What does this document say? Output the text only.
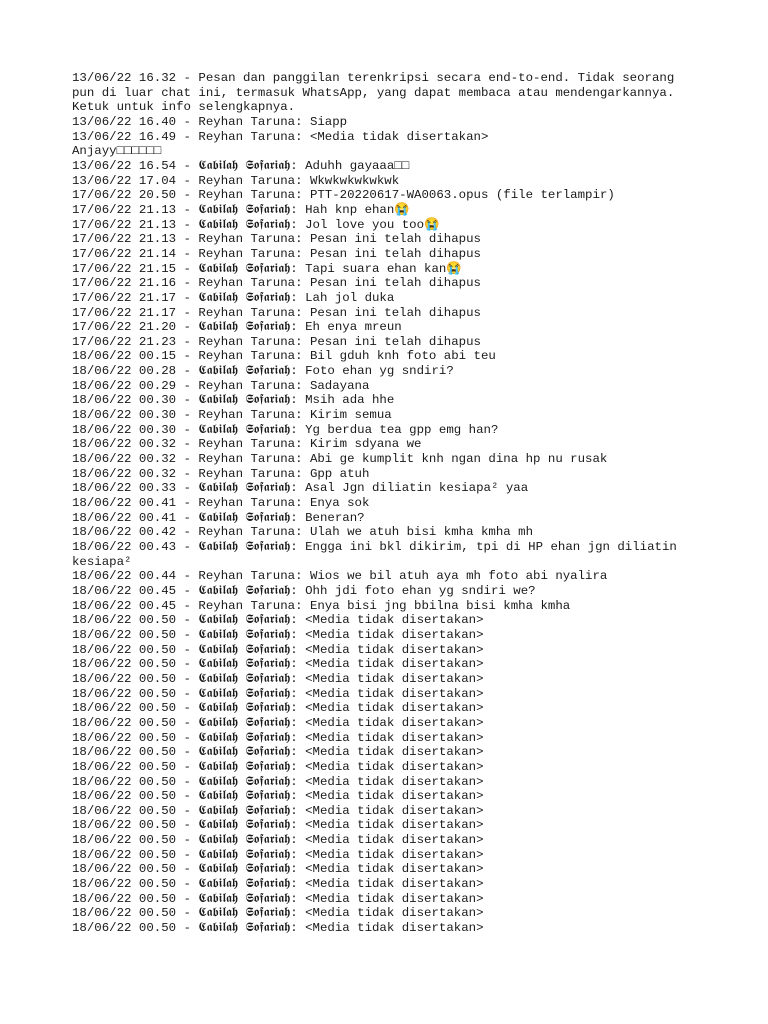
13/06/22 16.32 - Pesan dan panggilan terenkripsi secara end-to-end. Tidak seorang
pun di luar chat ini, termasuk WhatsApp, yang dapat membaca atau mendengarkannya.
Ketuk untuk info selengkapnya.
13/06/22 16.40 - Reyhan Taruna: Siapp
13/06/22 16.49 - Reyhan Taruna: <Media tidak disertakan>
Anjayy□□□□□□
13/06/22 16.54 - 𝕮𝖆𝖇𝖎𝖑𝖆𝖍 𝕾𝖔𝖋𝖆𝖗𝖎𝖆𝖍: Aduhh gayaaa□□
13/06/22 17.04 - Reyhan Taruna: Wkwkwkwkwkwk
17/06/22 20.50 - Reyhan Taruna: PTT-20220617-WA0063.opus (file terlampir)
17/06/22 21.13 - 𝕮𝖆𝖇𝖎𝖑𝖆𝖍 𝕾𝖔𝖋𝖆𝖗𝖎𝖆𝖍: Hah knp ehan😭
17/06/22 21.13 - 𝕮𝖆𝖇𝖎𝖑𝖆𝖍 𝕾𝖔𝖋𝖆𝖗𝖎𝖆𝖍: Jol love you too😭
17/06/22 21.13 - Reyhan Taruna: Pesan ini telah dihapus
17/06/22 21.14 - Reyhan Taruna: Pesan ini telah dihapus
17/06/22 21.15 - 𝕮𝖆𝖇𝖎𝖑𝖆𝖍 𝕾𝖔𝖋𝖆𝖗𝖎𝖆𝖍: Tapi suara ehan kan😭
17/06/22 21.16 - Reyhan Taruna: Pesan ini telah dihapus
17/06/22 21.17 - 𝕮𝖆𝖇𝖎𝖑𝖆𝖍 𝕾𝖔𝖋𝖆𝖗𝖎𝖆𝖍: Lah jol duka
17/06/22 21.17 - Reyhan Taruna: Pesan ini telah dihapus
17/06/22 21.20 - 𝕮𝖆𝖇𝖎𝖑𝖆𝖍 𝕾𝖔𝖋𝖆𝖗𝖎𝖆𝖍: Eh enya mreun
17/06/22 21.23 - Reyhan Taruna: Pesan ini telah dihapus
18/06/22 00.15 - Reyhan Taruna: Bil gduh knh foto abi teu
18/06/22 00.28 - 𝕮𝖆𝖇𝖎𝖑𝖆𝖍 𝕾𝖔𝖋𝖆𝖗𝖎𝖆𝖍: Foto ehan yg sndiri?
18/06/22 00.29 - Reyhan Taruna: Sadayana
18/06/22 00.30 - 𝕮𝖆𝖇𝖎𝖑𝖆𝖍 𝕾𝖔𝖋𝖆𝖗𝖎𝖆𝖍: Msih ada hhe
18/06/22 00.30 - Reyhan Taruna: Kirim semua
18/06/22 00.30 - 𝕮𝖆𝖇𝖎𝖑𝖆𝖍 𝕾𝖔𝖋𝖆𝖗𝖎𝖆𝖍: Yg berdua tea gpp emg han?
18/06/22 00.32 - Reyhan Taruna: Kirim sdyana we
18/06/22 00.32 - Reyhan Taruna: Abi ge kumplit knh ngan dina hp nu rusak
18/06/22 00.32 - Reyhan Taruna: Gpp atuh
18/06/22 00.33 - 𝕮𝖆𝖇𝖎𝖑𝖆𝖍 𝕾𝖔𝖋𝖆𝖗𝖎𝖆𝖍: Asal Jgn diliatin kesiapa² yaa
18/06/22 00.41 - Reyhan Taruna: Enya sok
18/06/22 00.41 - 𝕮𝖆𝖇𝖎𝖑𝖆𝖍 𝕾𝖔𝖋𝖆𝖗𝖎𝖆𝖍: Beneran?
18/06/22 00.42 - Reyhan Taruna: Ulah we atuh bisi kmha kmha mh
18/06/22 00.43 - 𝕮𝖆𝖇𝖎𝖑𝖆𝖍 𝕾𝖔𝖋𝖆𝖗𝖎𝖆𝖍: Engga ini bkl dikirim, tpi di HP ehan jgn diliatin
kesiapa²
18/06/22 00.44 - Reyhan Taruna: Wios we bil atuh aya mh foto abi nyalira
18/06/22 00.45 - 𝕮𝖆𝖇𝖎𝖑𝖆𝖍 𝕾𝖔𝖋𝖆𝖗𝖎𝖆𝖍: Ohh jdi foto ehan yg sndiri we?
18/06/22 00.45 - Reyhan Taruna: Enya bisi jng bbilna bisi kmha kmha
18/06/22 00.50 - 𝕮𝖆𝖇𝖎𝖑𝖆𝖍 𝕾𝖔𝖋𝖆𝖗𝖎𝖆𝖍: <Media tidak disertakan>
18/06/22 00.50 - 𝕮𝖆𝖇𝖎𝖑𝖆𝖍 𝕾𝖔𝖋𝖆𝖗𝖎𝖆𝖍: <Media tidak disertakan>
18/06/22 00.50 - 𝕮𝖆𝖇𝖎𝖑𝖆𝖍 𝕾𝖔𝖋𝖆𝖗𝖎𝖆𝖍: <Media tidak disertakan>
18/06/22 00.50 - 𝕮𝖆𝖇𝖎𝖑𝖆𝖍 𝕾𝖔𝖋𝖆𝖗𝖎𝖆𝖍: <Media tidak disertakan>
18/06/22 00.50 - 𝕮𝖆𝖇𝖎𝖑𝖆𝖍 𝕾𝖔𝖋𝖆𝖗𝖎𝖆𝖍: <Media tidak disertakan>
18/06/22 00.50 - 𝕮𝖆𝖇𝖎𝖑𝖆𝖍 𝕾𝖔𝖋𝖆𝖗𝖎𝖆𝖍: <Media tidak disertakan>
18/06/22 00.50 - 𝕮𝖆𝖇𝖎𝖑𝖆𝖍 𝕾𝖔𝖋𝖆𝖗𝖎𝖆𝖍: <Media tidak disertakan>
18/06/22 00.50 - 𝕮𝖆𝖇𝖎𝖑𝖆𝖍 𝕾𝖔𝖋𝖆𝖗𝖎𝖆𝖍: <Media tidak disertakan>
18/06/22 00.50 - 𝕮𝖆𝖇𝖎𝖑𝖆𝖍 𝕾𝖔𝖋𝖆𝖗𝖎𝖆𝖍: <Media tidak disertakan>
18/06/22 00.50 - 𝕮𝖆𝖇𝖎𝖑𝖆𝖍 𝕾𝖔𝖋𝖆𝖗𝖎𝖆𝖍: <Media tidak disertakan>
18/06/22 00.50 - 𝕮𝖆𝖇𝖎𝖑𝖆𝖍 𝕾𝖔𝖋𝖆𝖗𝖎𝖆𝖍: <Media tidak disertakan>
18/06/22 00.50 - 𝕮𝖆𝖇𝖎𝖑𝖆𝖍 𝕾𝖔𝖋𝖆𝖗𝖎𝖆𝖍: <Media tidak disertakan>
18/06/22 00.50 - 𝕮𝖆𝖇𝖎𝖑𝖆𝖍 𝕾𝖔𝖋𝖆𝖗𝖎𝖆𝖍: <Media tidak disertakan>
18/06/22 00.50 - 𝕮𝖆𝖇𝖎𝖑𝖆𝖍 𝕾𝖔𝖋𝖆𝖗𝖎𝖆𝖍: <Media tidak disertakan>
18/06/22 00.50 - 𝕮𝖆𝖇𝖎𝖑𝖆𝖍 𝕾𝖔𝖋𝖆𝖗𝖎𝖆𝖍: <Media tidak disertakan>
18/06/22 00.50 - 𝕮𝖆𝖇𝖎𝖑𝖆𝖍 𝕾𝖔𝖋𝖆𝖗𝖎𝖆𝖍: <Media tidak disertakan>
18/06/22 00.50 - 𝕮𝖆𝖇𝖎𝖑𝖆𝖍 𝕾𝖔𝖋𝖆𝖗𝖎𝖆𝖍: <Media tidak disertakan>
18/06/22 00.50 - 𝕮𝖆𝖇𝖎𝖑𝖆𝖍 𝕾𝖔𝖋𝖆𝖗𝖎𝖆𝖍: <Media tidak disertakan>
18/06/22 00.50 - 𝕮𝖆𝖇𝖎𝖑𝖆𝖍 𝕾𝖔𝖋𝖆𝖗𝖎𝖆𝖍: <Media tidak disertakan>
18/06/22 00.50 - 𝕮𝖆𝖇𝖎𝖑𝖆𝖍 𝕾𝖔𝖋𝖆𝖗𝖎𝖆𝖍: <Media tidak disertakan>
18/06/22 00.50 - 𝕮𝖆𝖇𝖎𝖑𝖆𝖍 𝕾𝖔𝖋𝖆𝖗𝖎𝖆𝖍: <Media tidak disertakan>
18/06/22 00.50 - 𝕮𝖆𝖇𝖎𝖑𝖆𝖍 𝕾𝖔𝖋𝖆𝖗𝖎𝖆𝖍: <Media tidak disertakan>
